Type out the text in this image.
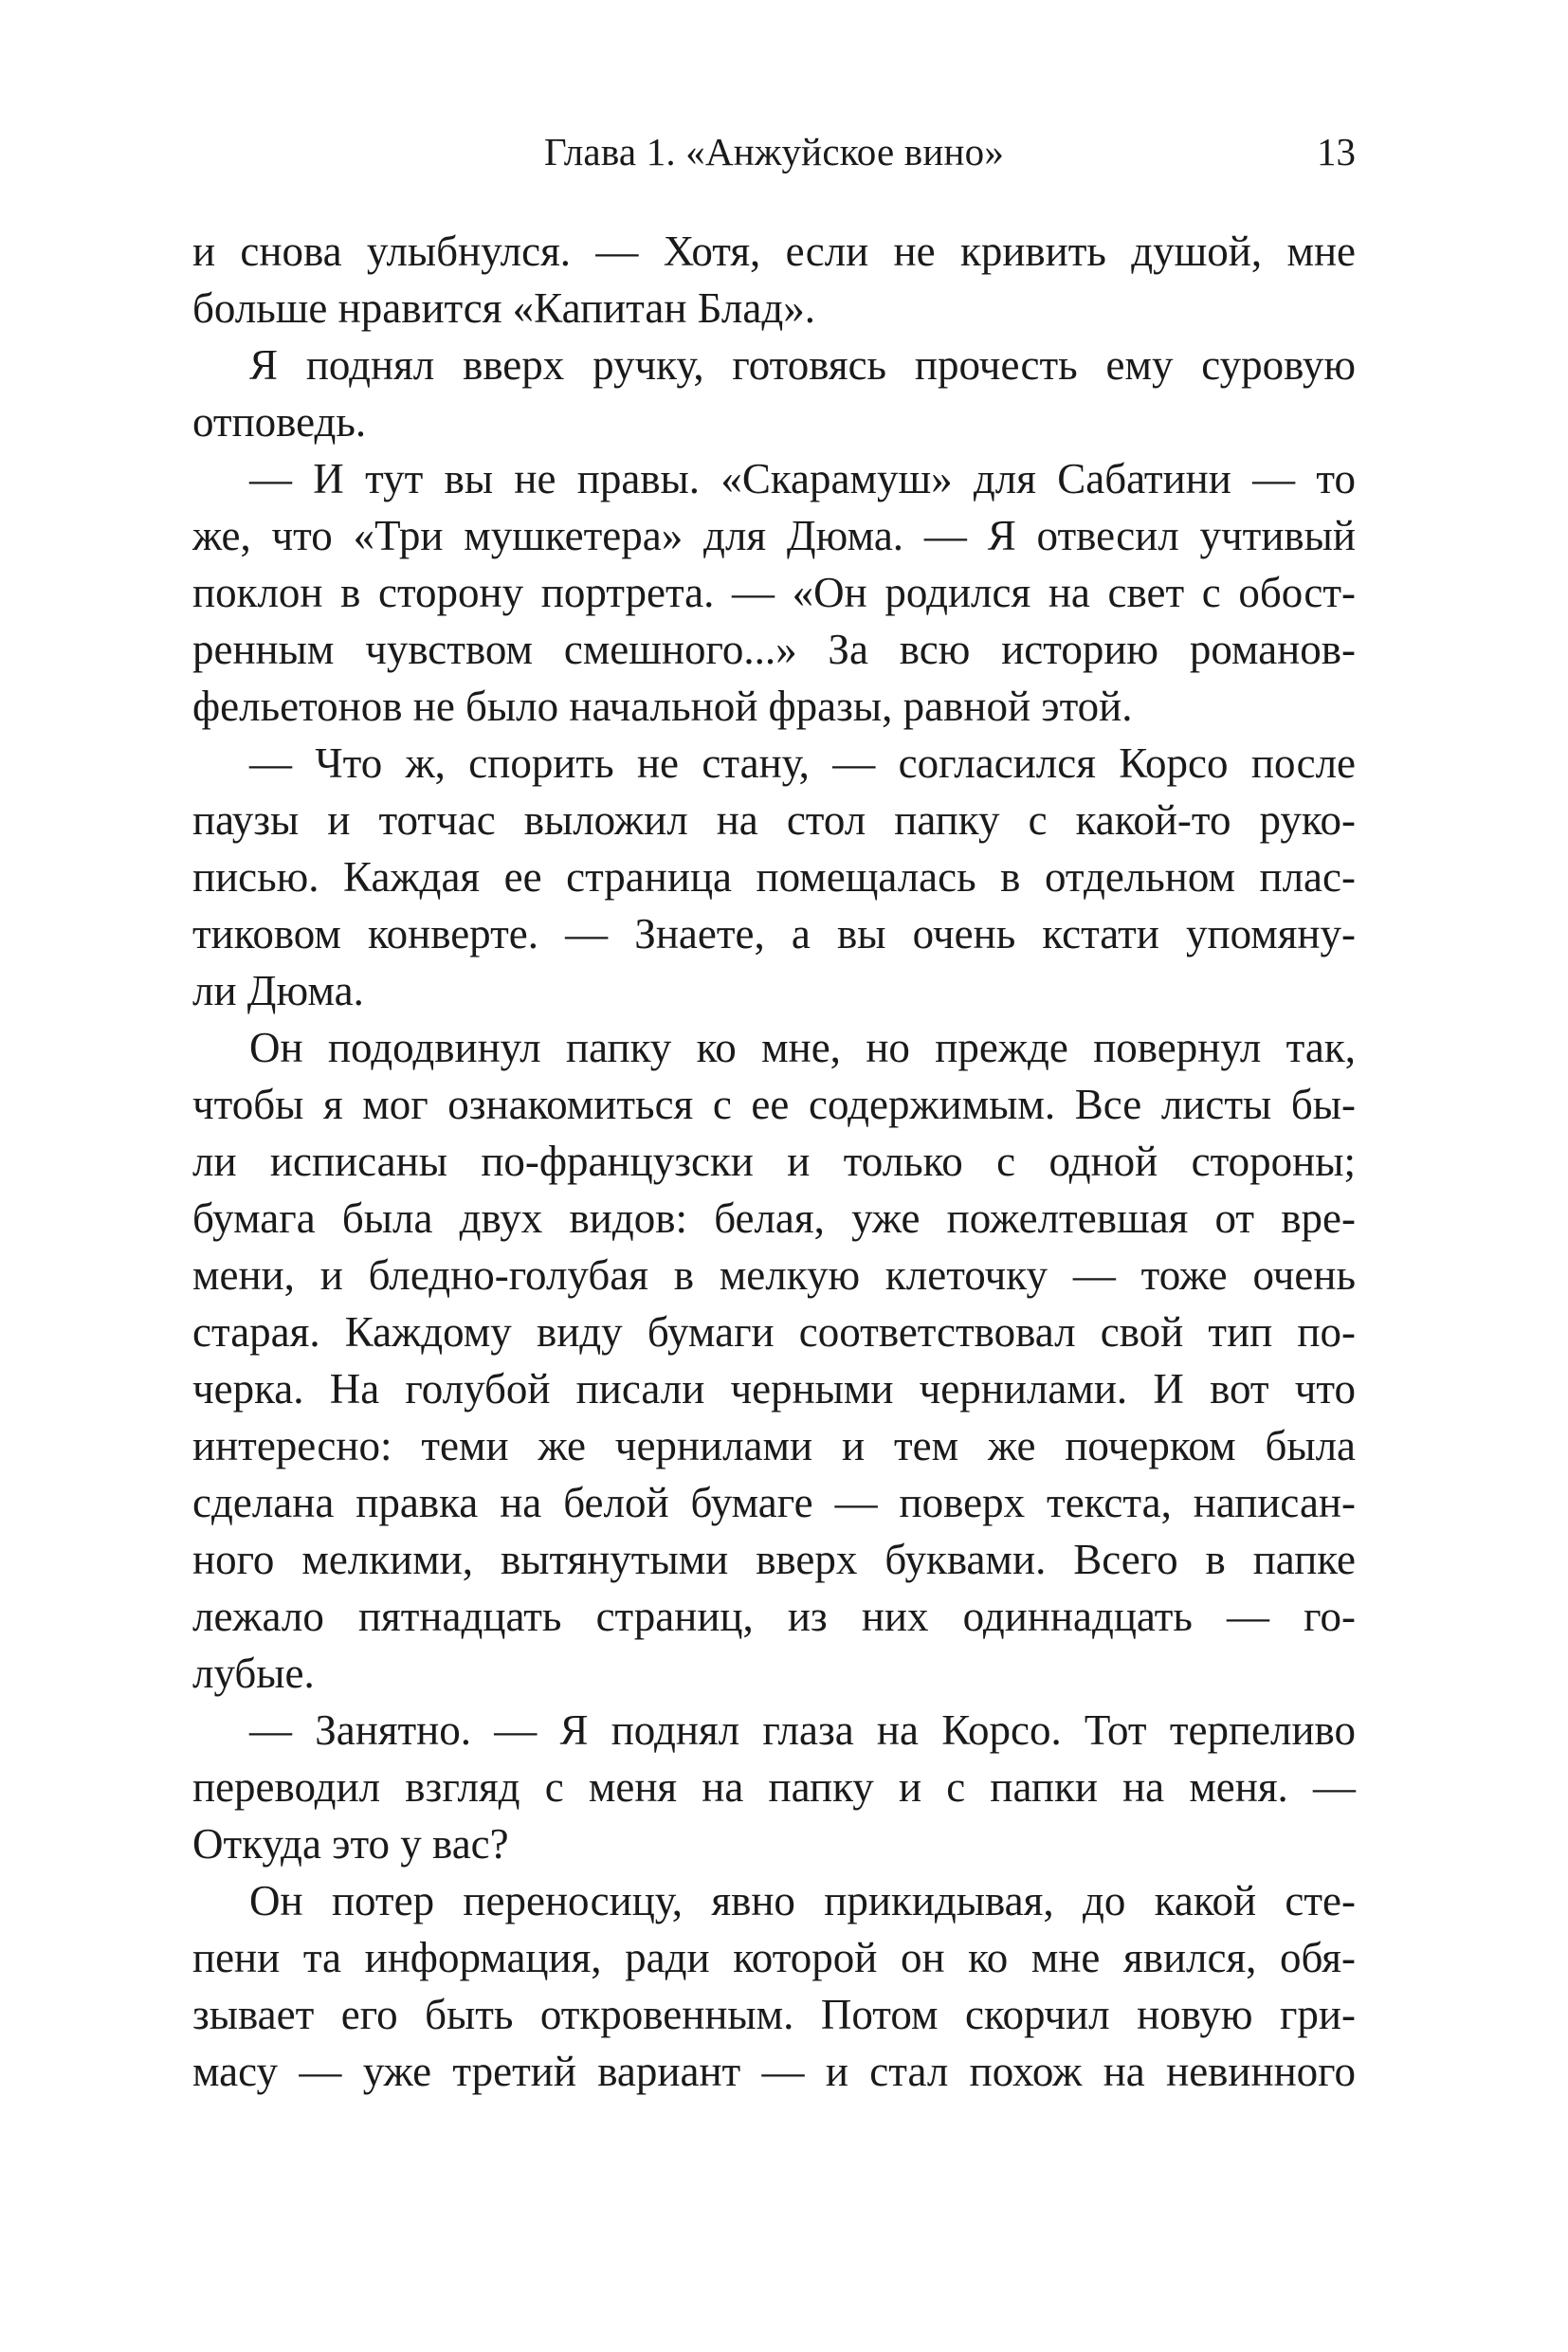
Глава 1. «Анжуйское вино»	13
и снова улыбнулся. — Хотя, если не кривить душой, мне
больше нравится «Капитан Блад».
Я поднял вверх ручку, готовясь прочесть ему суровую
отповедь.
— И тут вы не правы. «Скарамуш» для Сабатини — то
же, что «Три мушкетера» для Дюма. — Я отвесил учтивый
поклон в сторону портрета. — «Он родился на свет с обост-
ренным чувством смешного...» За всю историю романов-
фельетонов не было начальной фразы, равной этой.
— Что ж, спорить не стану, — согласился Корсо после
паузы и тотчас выложил на стол папку с какой-то руко-
писью. Каждая ее страница помещалась в отдельном плас-
тиковом конверте. — Знаете, а вы очень кстати упомяну-
ли Дюма.
Он пододвинул папку ко мне, но прежде повернул так,
чтобы я мог ознакомиться с ее содержимым. Все листы бы-
ли исписаны по-французски и только с одной стороны;
бумага была двух видов: белая, уже пожелтевшая от вре-
мени, и бледно-голубая в мелкую клеточку — тоже очень
старая. Каждому виду бумаги соответствовал свой тип по-
черка. На голубой писали черными чернилами. И вот что
интересно: теми же чернилами и тем же почерком была
сделана правка на белой бумаге — поверх текста, написан-
ного мелкими, вытянутыми вверх буквами. Всего в папке
лежало пятнадцать страниц, из них одиннадцать — го-
лубые.
— Занятно. — Я поднял глаза на Корсо. Тот терпеливо
переводил взгляд с меня на папку и с папки на меня. —
Откуда это у вас?
Он потер переносицу, явно прикидывая, до какой сте-
пени та информация, ради которой он ко мне явился, обя-
зывает его быть откровенным. Потом скорчил новую гри-
масу — уже третий вариант — и стал похож на невинного
